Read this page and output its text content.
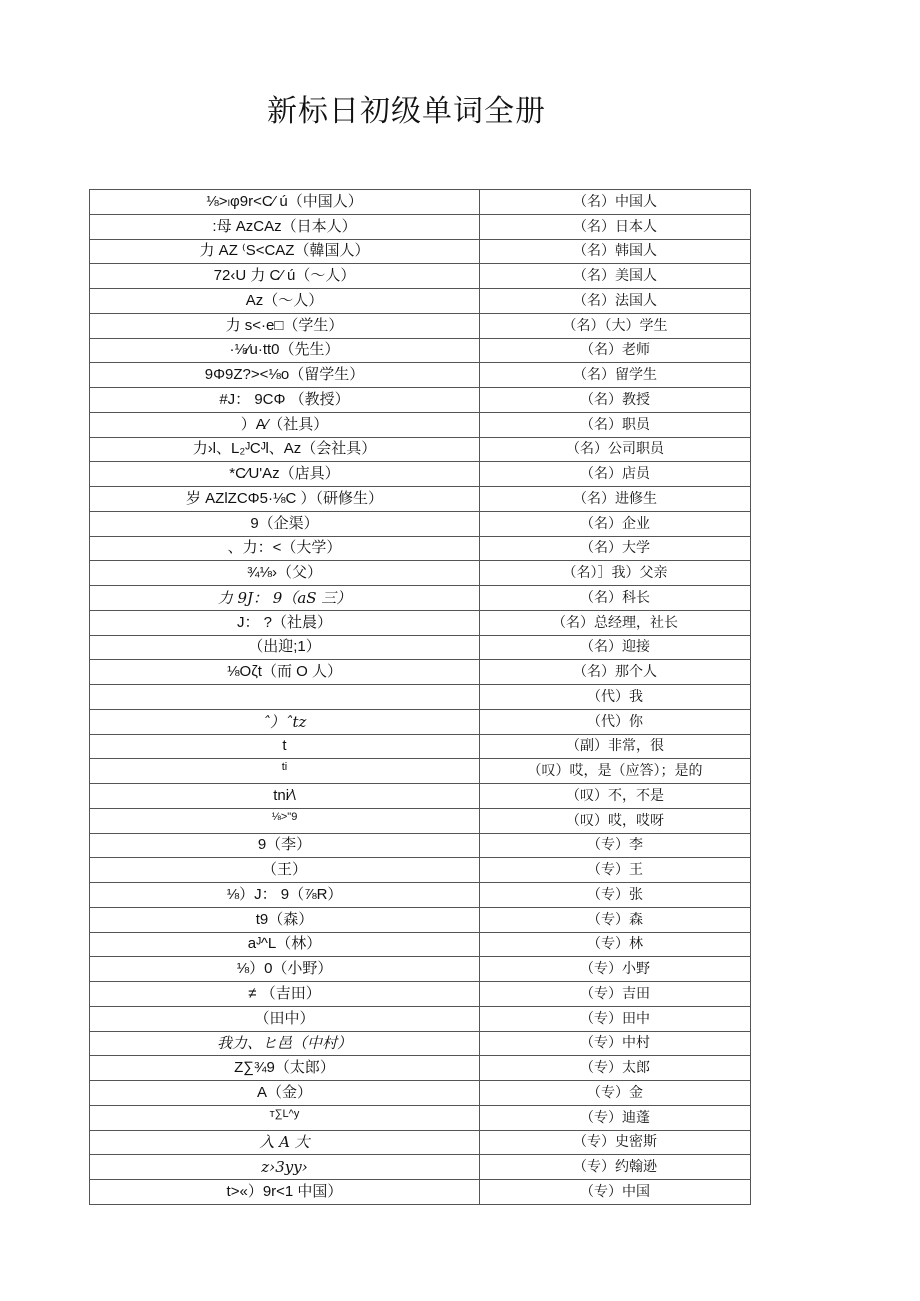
新标日初级单词全册
⅛>ₗφ9r<C⁄ ú（中国人）	（名）中国人
:母 AzCAz（日本人）	（名）日本人
力 AZ ⁽S<CAZ（韓国人）	（名）韩国人
72‹U 力 C⁄ ú（～人）	（名）美国人
Az（～人）	（名）法国人
力 s<·e□（学生）	（名）（大）学生
·⅛⁄u·tt0（先生）	（名）老师
9Φ9Z?><⅛o（留学生）	（名）留学生
#J： 9CΦ （教授）	（名）教授
）A⁄（社具）	（名）职员
力›l、L₂ᴶCᴶl、Az（会社具）	（名）公司职员
*C⁄U'Az（店具）	（名）店员
岁 AZlZCΦ5·⅛C ）（研修生）	（名）进修生
9（企渠）	（名）企业
、力：<（大学）	（名）大学
¾⅛›（父）	（名）］我）父亲
力 9J： 9（aS 三）	（名）科长
J： ?（社晨）	（名）总经理，社长
（出迎;1）	（名）迎接
⅛Oζt（而 O 人）	（名）那个人
	（代）我
ˆ）ˆtz	（代）你
t	（副）非常，很
ti	（叹）哎，是（应答）；是的
tni⁄\	（叹）不，不是
⅛>"9	（叹）哎，哎呀
9（李）	（专）李
（王）	（专）王
⅛）J： 9（⅞R）	（专）张
t9（森）	（专）森
aᴶ^L（林）	（专）林
⅛）0（小野）	（专）小野
≠ （吉田）	（专）吉田
（田中）	（专）田中
我力、ヒ邑（中村）	（专）中村
Z∑¾9（太郎）	（专）太郎
A（金）	（专）金
ᴛ∑L^y	（专）迪蓬
入 A 大	（专）史密斯
z›3yy›	（专）约翰逊
t>«）9r<1 中国）	（专）中国
